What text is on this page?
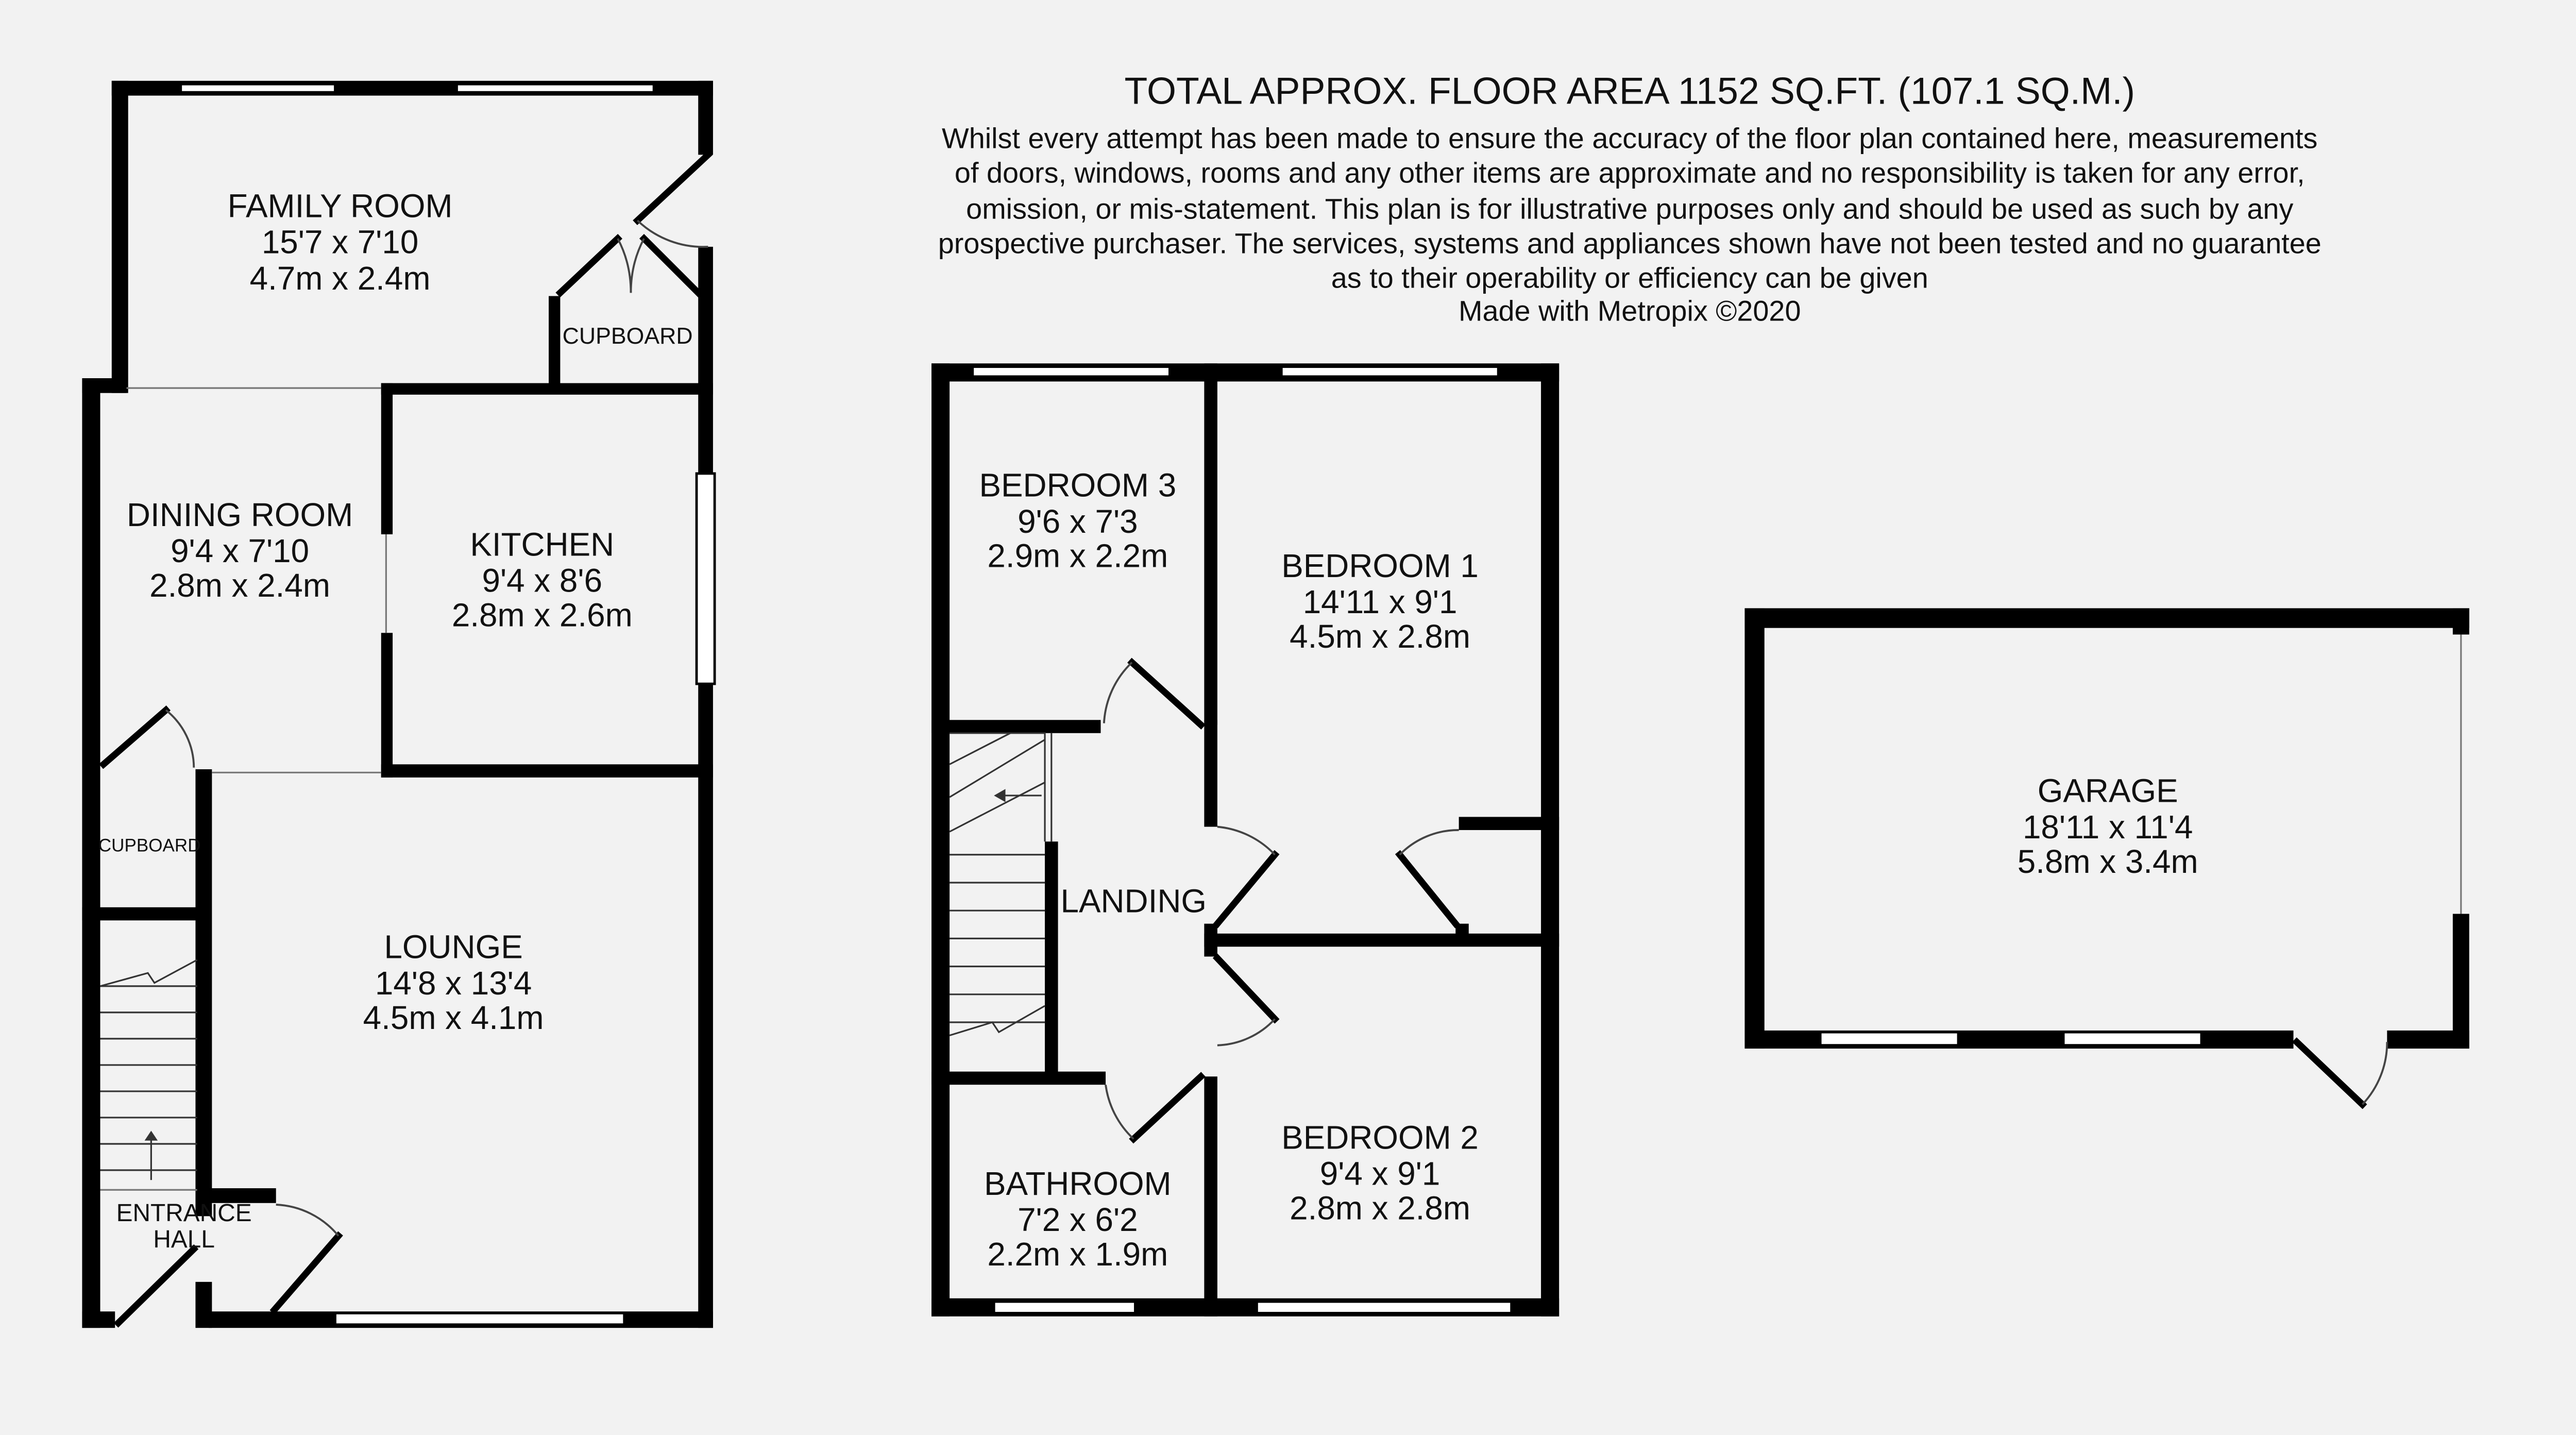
TOTAL APPROX. FLOOR AREA 1152 SQ.FT. (107.1 SQ.M.)
Whilst every attempt has been made to ensure the accuracy of the floor plan contained here, measurements
of doors, windows, rooms and any other items are approximate and no responsibility is taken for any error,
omission, or mis-statement. This plan is for illustrative purposes only and should be used as such by any
prospective purchaser. The services, systems and appliances shown have not been tested and no guarantee
as to their operability or efficiency can be given
Made with Metropix ©2020
FAMILY ROOM
15'7 x 7'10
4.7m x 2.4m
CUPBOARD
DINING ROOM
9'4 x 7'10
2.8m x 2.4m
KITCHEN
9'4 x 8'6
2.8m x 2.6m
CUPBOARD
LOUNGE
14'8 x 13'4
4.5m x 4.1m
ENTRANCE
HALL
BEDROOM 3
9'6 x 7'3
2.9m x 2.2m	BEDROOM 1
14'11 x 9'1
4.5m x 2.8m
LANDING
BATHROOM
7'2 x 6'2
2.2m x 1.9m
BEDROOM 2
9'4 x 9'1
2.8m x 2.8m
GARAGE
18'11 x 11'4
5.8m x 3.4m
